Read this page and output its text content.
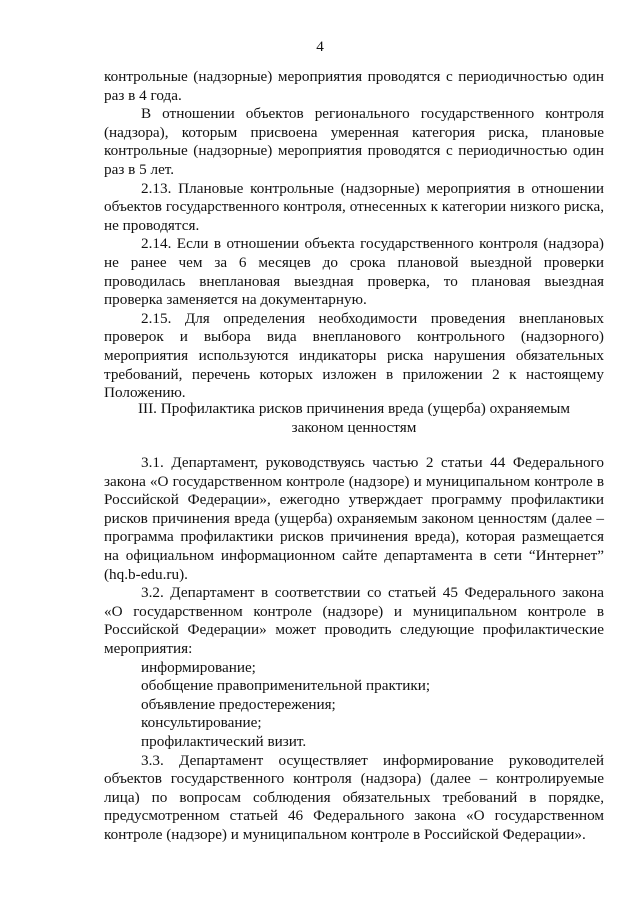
4

контрольные (надзорные) мероприятия проводятся с периодичностью один раз в 4 года.

В отношении объектов регионального государственного контроля (надзора), которым присвоена умеренная категория риска, плановые контрольные (надзорные) мероприятия проводятся с периодичностью один раз в 5 лет.

2.13. Плановые контрольные (надзорные) мероприятия в отношении объектов государственного контроля, отнесенных к категории низкого риска, не проводятся.

2.14. Если в отношении объекта государственного контроля (надзора) не ранее чем за 6 месяцев до срока плановой выездной проверки проводилась внеплановая выездная проверка, то плановая выездная проверка заменяется на документарную.

2.15. Для определения необходимости проведения внеплановых проверок и выбора вида внепланового контрольного (надзорного) мероприятия используются индикаторы риска нарушения обязательных требований, перечень которых изложен в приложении 2 к настоящему Положению.

III. Профилактика рисков причинения вреда (ущерба) охраняемым
законом ценностям

3.1. Департамент, руководствуясь частью 2 статьи 44 Федерального закона «О государственном контроле (надзоре) и муниципальном контроле в Российской Федерации», ежегодно утверждает программу профилактики рисков причинения вреда (ущерба) охраняемым законом ценностям (далее – программа профилактики рисков причинения вреда), которая размещается на официальном информационном сайте департамента в сети “Интернет” (hq.b-edu.ru).

3.2. Департамент в соответствии со статьей 45 Федерального закона «О государственном контроле (надзоре) и муниципальном контроле в Российской Федерации» может проводить следующие профилактические мероприятия:

информирование;

обобщение правоприменительной практики;

объявление предостережения;

консультирование;

профилактический визит.

3.3. Департамент осуществляет информирование руководителей объектов государственного контроля (надзора) (далее – контролируемые лица) по вопросам соблюдения обязательных требований в порядке, предусмотренном статьей 46 Федерального закона «О государственном контроле (надзоре) и муниципальном контроле в Российской Федерации».
